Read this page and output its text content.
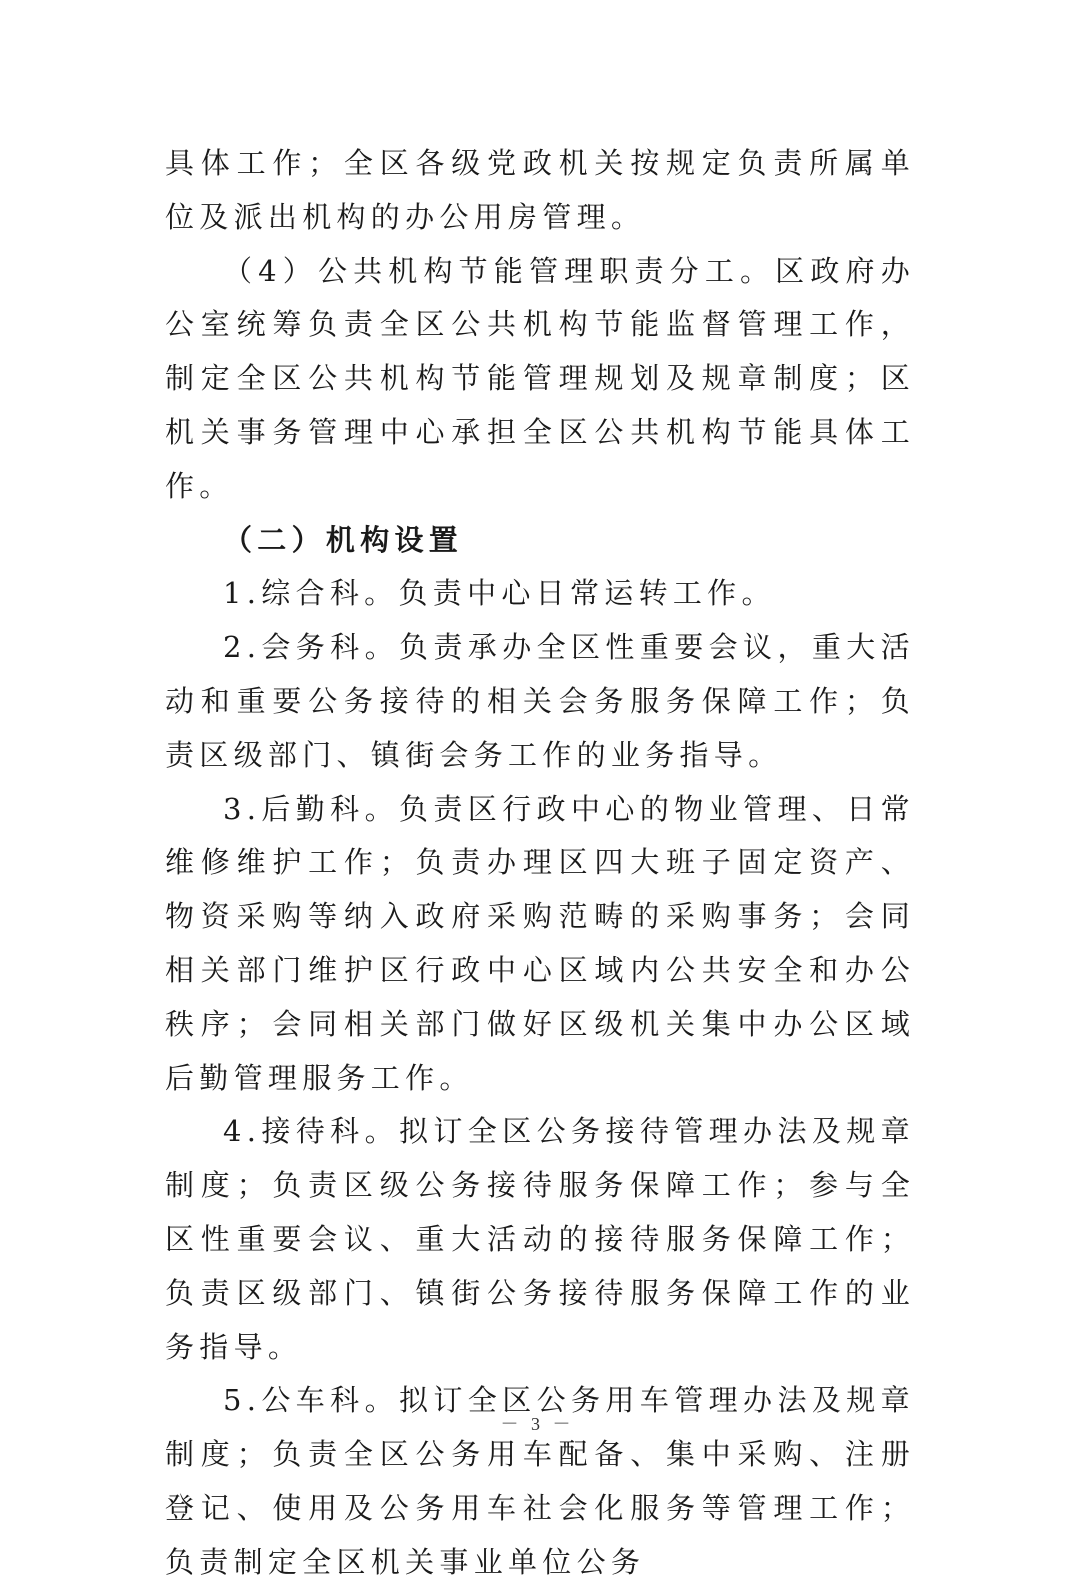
具体工作；全区各级党政机关按规定负责所属单位及派出机构的办公用房管理。

（4）公共机构节能管理职责分工。区政府办公室统筹负责全区公共机构节能监督管理工作，制定全区公共机构节能管理规划及规章制度；区机关事务管理中心承担全区公共机构节能具体工作。

（二）机构设置

1.综合科。负责中心日常运转工作。

2.会务科。负责承办全区性重要会议，重大活动和重要公务接待的相关会务服务保障工作；负责区级部门、镇街会务工作的业务指导。

3.后勤科。负责区行政中心的物业管理、日常维修维护工作；负责办理区四大班子固定资产、物资采购等纳入政府采购范畴的采购事务；会同相关部门维护区行政中心区域内公共安全和办公秩序；会同相关部门做好区级机关集中办公区域后勤管理服务工作。

4.接待科。拟订全区公务接待管理办法及规章制度；负责区级公务接待服务保障工作；参与全区性重要会议、重大活动的接待服务保障工作；负责区级部门、镇街公务接待服务保障工作的业务指导。

5.公车科。拟订全区公务用车管理办法及规章制度；负责全区公务用车配备、集中采购、注册登记、使用及公务用车社会化服务等管理工作；负责制定全区机关事业单位公务

－ 3 －
